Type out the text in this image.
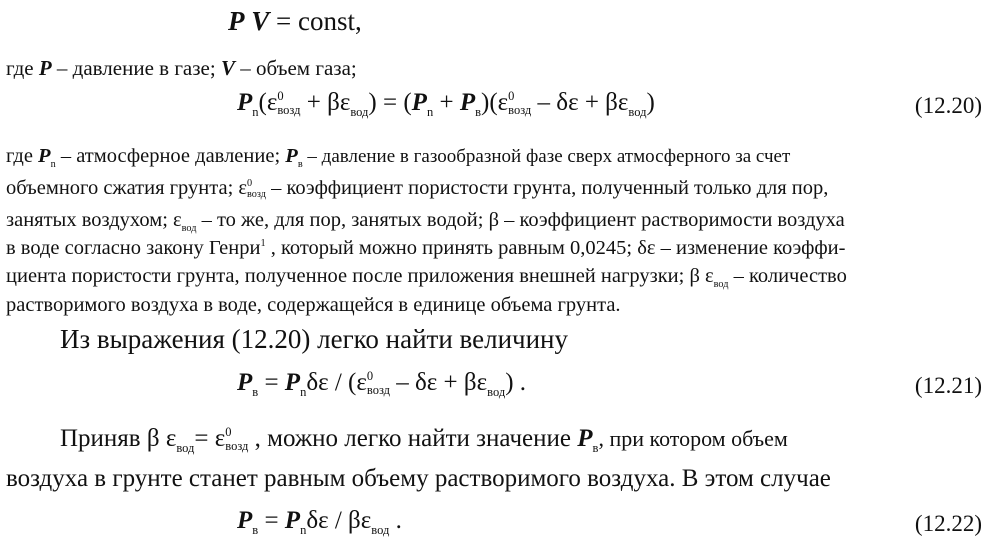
P V = const,
где P – давление в газе; V – объем газа;
$P_n(\varepsilon$ 0
возд + $\beta\varepsilon_{вод}) = (P_n + P_в)(\varepsilon$ 0
возд – $\delta\varepsilon + \beta\varepsilon_{вод}$)	(12.20)
где $P_n$ – атмосферное давление; $P_в$ – давление в газообразной фазе сверх атмосферного за счет
объемного сжатия грунта; ε 0
возд – коэффициент пористости грунта, полученный только для пор,
занятых воздухом; $\varepsilon_{вод}$ – то же, для пор, занятых водой; β – коэффициент растворимости воздуха
в воде согласно закону Генри$^1$ , который можно принять равным 0,0245; δε – изменение коэффи-
циента пористости грунта, полученное после приложения внешней нагрузки; β $\varepsilon_{вод}$ – количество
растворимого воздуха в воде, содержащейся в единице объема грунта.
Из выражения (12.20) легко найти величину
$P_в = P_n\delta\varepsilon / (\varepsilon$ 0
возд – $\delta\varepsilon + \beta\varepsilon_{вод}$) .	(12.21)
Приняв β $\varepsilon_{вод}= \varepsilon$ 0
возд , можно легко найти значение $P_в$, при котором объем
воздуха в грунте станет равным объему растворимого воздуха. В этом случае
$P_в = P_n\delta\varepsilon / \beta\varepsilon_{вод}$ .	(12.22)
